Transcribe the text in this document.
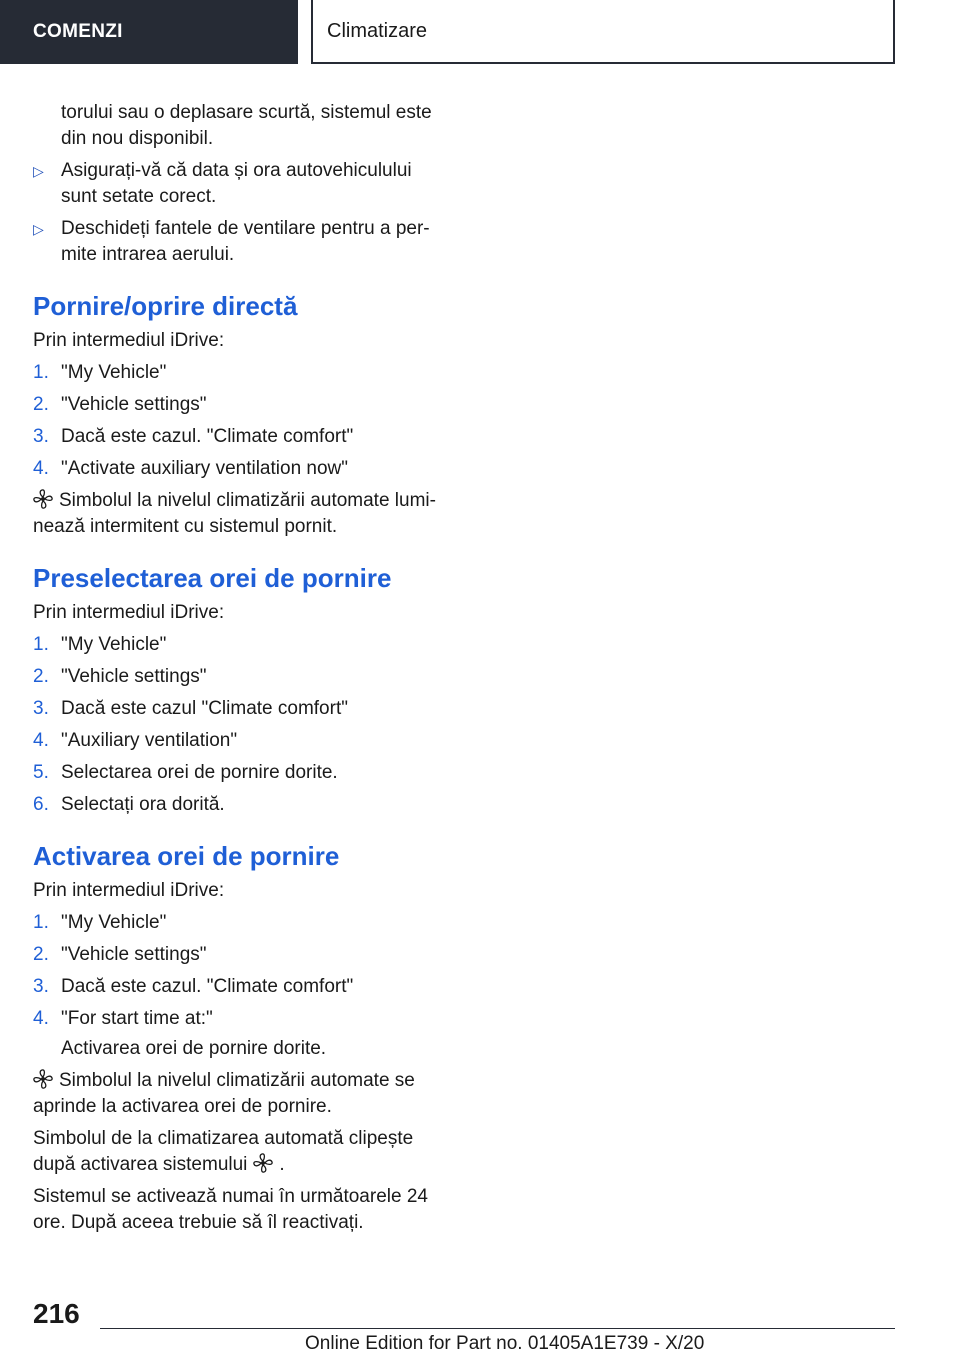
COMENZI	Climatizare

torului sau o deplasare scurtă, sistemul este din nou disponibil.

▷ Asigurați-vă că data și ora autovehiculului sunt setate corect.
▷ Deschideți fantele de ventilare pentru a per-mite intrarea aerului.
Pornire/oprire directă

Prin intermediul iDrive:

1. "My Vehicle"
2. "Vehicle settings"
3. Dacă este cazul. "Climate comfort"
4. "Activate auxiliary ventilation now"

Simbolul la nivelul climatizării automate lumi-nează intermitent cu sistemul pornit.

Preselectarea orei de pornire

Prin intermediul iDrive:

1. "My Vehicle"
2. "Vehicle settings"
3. Dacă este cazul "Climate comfort"
4. "Auxiliary ventilation"
5. Selectarea orei de pornire dorite.
6. Selectați ora dorită.
Activarea orei de pornire

Prin intermediul iDrive:

1. "My Vehicle"
2. "Vehicle settings"
3. Dacă este cazul. "Climate comfort"
4. "For start time at:"

Activarea orei de pornire dorite.

Simbolul la nivelul climatizării automate se aprinde la activarea orei de pornire.

Simbolul de la climatizarea automată clipește după activarea sistemului .

Sistemul se activează numai în următoarele 24 ore. După aceea trebuie să îl reactivați.

216
Online Edition for Part no. 01405A1E739 - X/20
